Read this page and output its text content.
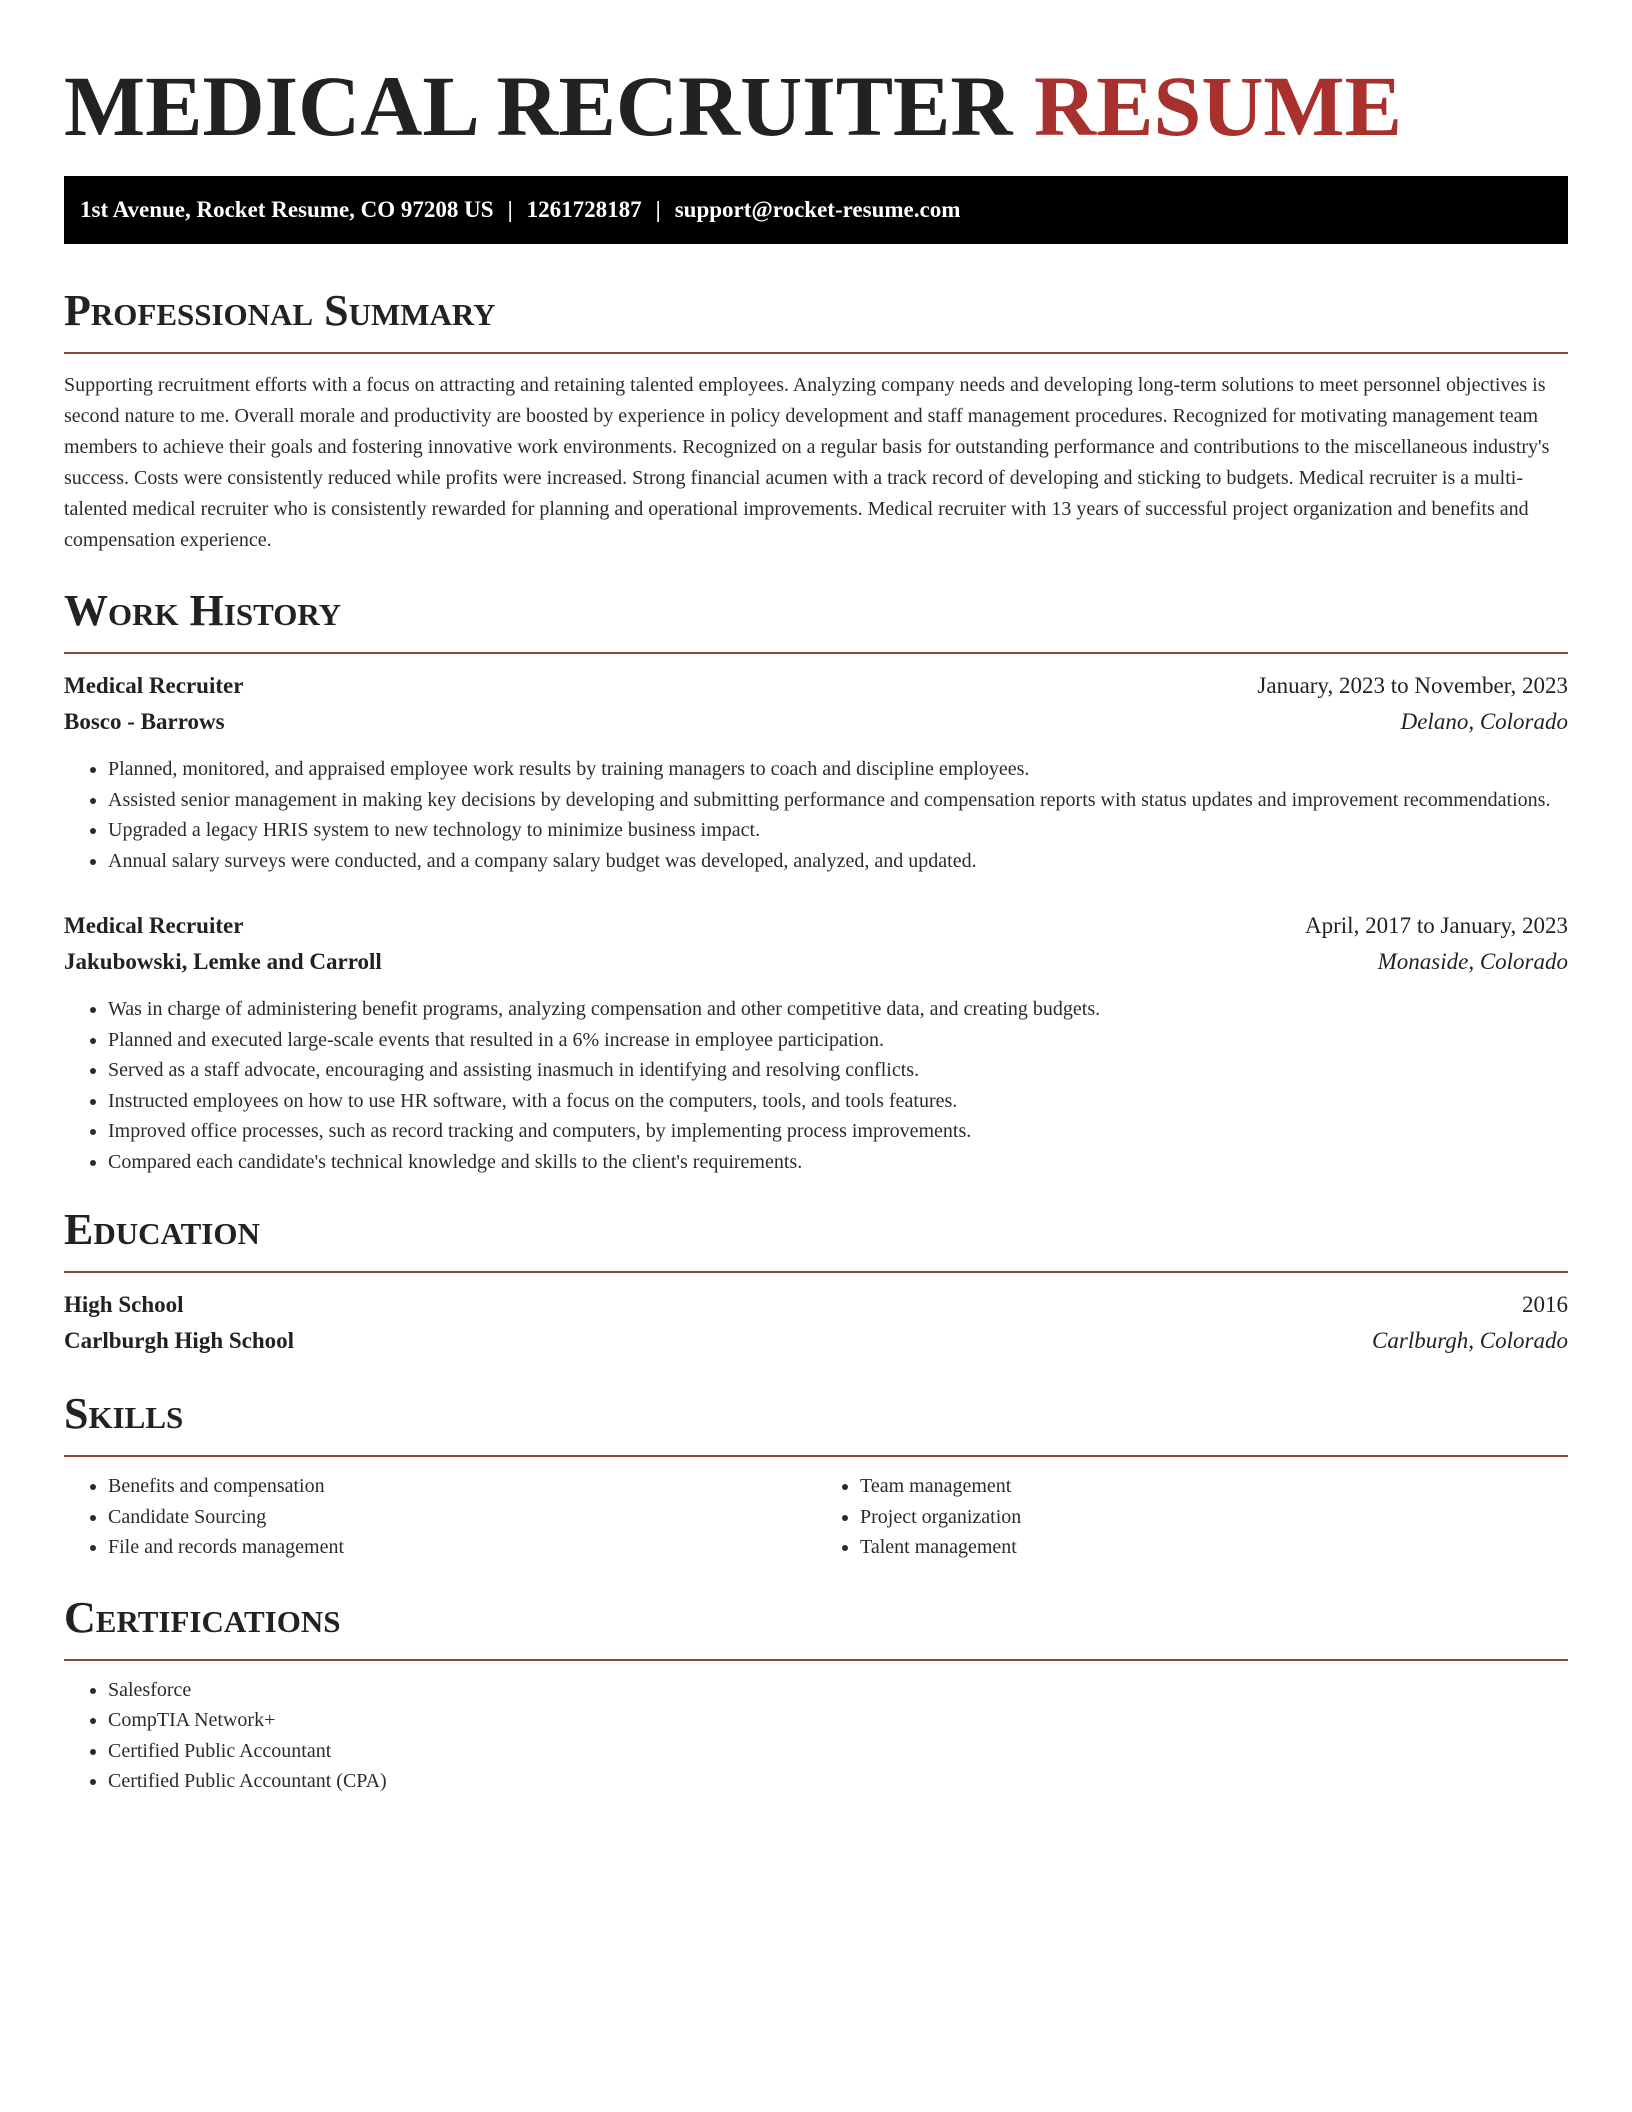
MEDICAL RECRUITER RESUME
1st Avenue, Rocket Resume, CO 97208 US | 1261728187 | support@rocket-resume.com
Professional Summary

Supporting recruitment efforts with a focus on attracting and retaining talented employees. Analyzing company needs and developing long-term solutions to meet personnel objectives is second nature to me. Overall morale and productivity are boosted by experience in policy development and staff management procedures. Recognized for motivating management team members to achieve their goals and fostering innovative work environments. Recognized on a regular basis for outstanding performance and contributions to the miscellaneous industry's success. Costs were consistently reduced while profits were increased. Strong financial acumen with a track record of developing and sticking to budgets. Medical recruiter is a multi-talented medical recruiter who is consistently rewarded for planning and operational improvements. Medical recruiter with 13 years of successful project organization and benefits and compensation experience.

Work History
Medical Recruiter	January, 2023 to November, 2023
Bosco - Barrows	Delano, Colorado
• Planned, monitored, and appraised employee work results by training managers to coach and discipline employees.
• Assisted senior management in making key decisions by developing and submitting performance and compensation reports with status updates and improvement recommendations.
• Upgraded a legacy HRIS system to new technology to minimize business impact.
• Annual salary surveys were conducted, and a company salary budget was developed, analyzed, and updated.
Medical Recruiter	April, 2017 to January, 2023
Jakubowski, Lemke and Carroll	Monaside, Colorado
• Was in charge of administering benefit programs, analyzing compensation and other competitive data, and creating budgets.
• Planned and executed large-scale events that resulted in a 6% increase in employee participation.
• Served as a staff advocate, encouraging and assisting inasmuch in identifying and resolving conflicts.
• Instructed employees on how to use HR software, with a focus on the computers, tools, and tools features.
• Improved office processes, such as record tracking and computers, by implementing process improvements.
• Compared each candidate's technical knowledge and skills to the client's requirements.
Education
High School	2016
Carlburgh High School	Carlburgh, Colorado
Skills
• Benefits and compensation
• Candidate Sourcing
• File and records management
• Team management
• Project organization
• Talent management
Certifications
• Salesforce
• CompTIA Network+
• Certified Public Accountant
• Certified Public Accountant (CPA)
